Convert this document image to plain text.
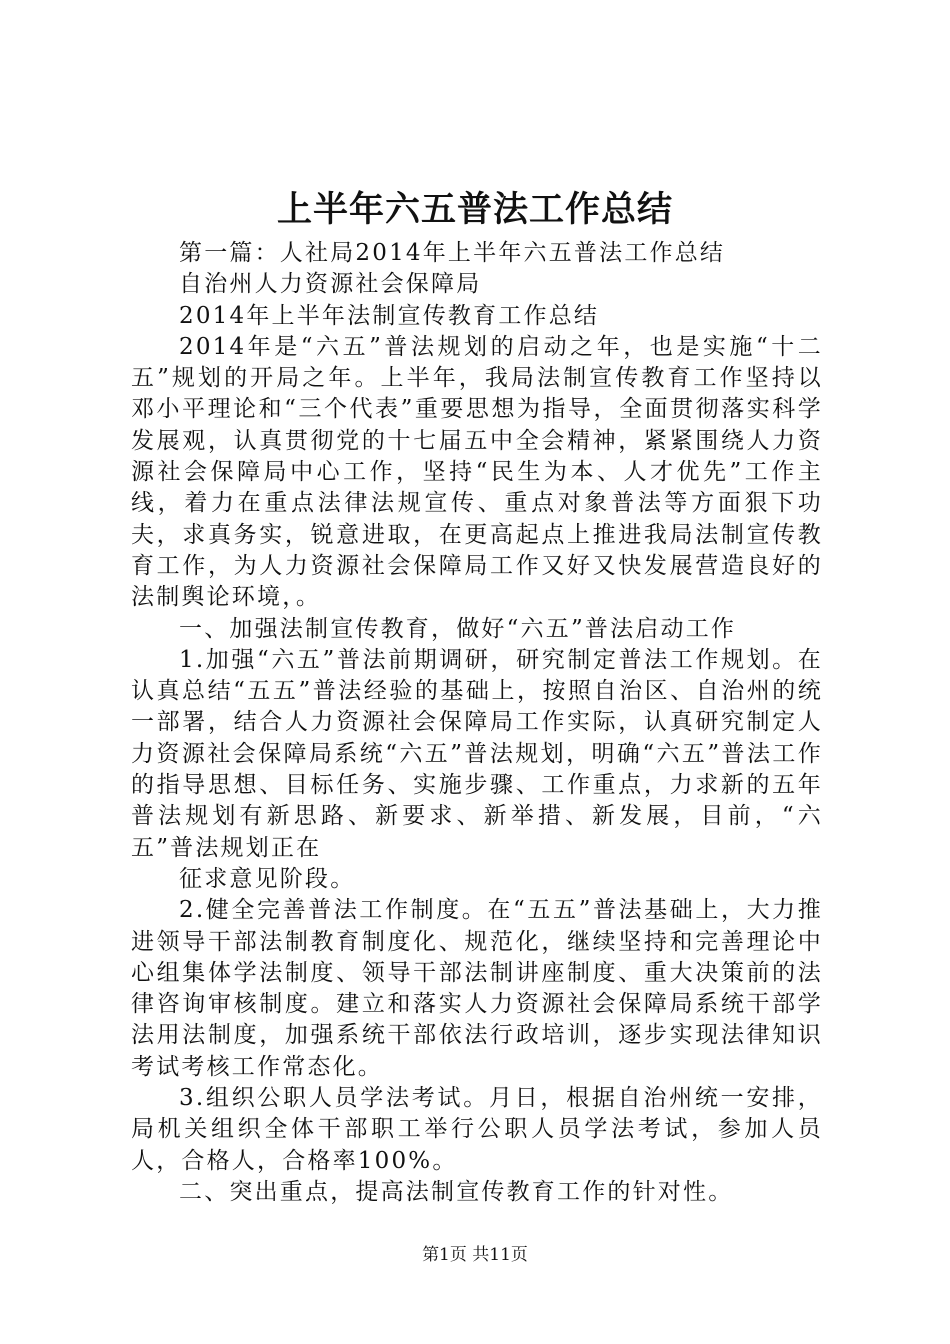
上半年六五普法工作总结

第一篇：人社局2014年上半年六五普法工作总结

自治州人力资源社会保障局

2014年上半年法制宣传教育工作总结

2014年是“六五”普法规划的启动之年，也是实施“十二五”规划的开局之年。上半年，我局法制宣传教育工作坚持以邓小平理论和“三个代表”重要思想为指导，全面贯彻落实科学发展观，认真贯彻党的十七届五中全会精神，紧紧围绕人力资源社会保障局中心工作，坚持“民生为本、人才优先”工作主线，着力在重点法律法规宣传、重点对象普法等方面狠下功夫，求真务实，锐意进取，在更高起点上推进我局法制宣传教育工作，为人力资源社会保障局工作又好又快发展营造良好的法制舆论环境，。

一、加强法制宣传教育，做好“六五”普法启动工作

1.加强“六五”普法前期调研，研究制定普法工作规划。在认真总结“五五”普法经验的基础上，按照自治区、自治州的统一部署，结合人力资源社会保障局工作实际，认真研究制定人力资源社会保障局系统“六五”普法规划，明确“六五”普法工作的指导思想、目标任务、实施步骤、工作重点，力求新的五年普法规划有新思路、新要求、新举措、新发展，目前，“六五”普法规划正在

征求意见阶段。

2.健全完善普法工作制度。在“五五”普法基础上，大力推进领导干部法制教育制度化、规范化，继续坚持和完善理论中心组集体学法制度、领导干部法制讲座制度、重大决策前的法律咨询审核制度。建立和落实人力资源社会保障局系统干部学法用法制度，加强系统干部依法行政培训，逐步实现法律知识考试考核工作常态化。

3.组织公职人员学法考试。月日，根据自治州统一安排，局机关组织全体干部职工举行公职人员学法考试，参加人员人，合格人，合格率100%。

二、突出重点，提高法制宣传教育工作的针对性。

第1页 共11页
